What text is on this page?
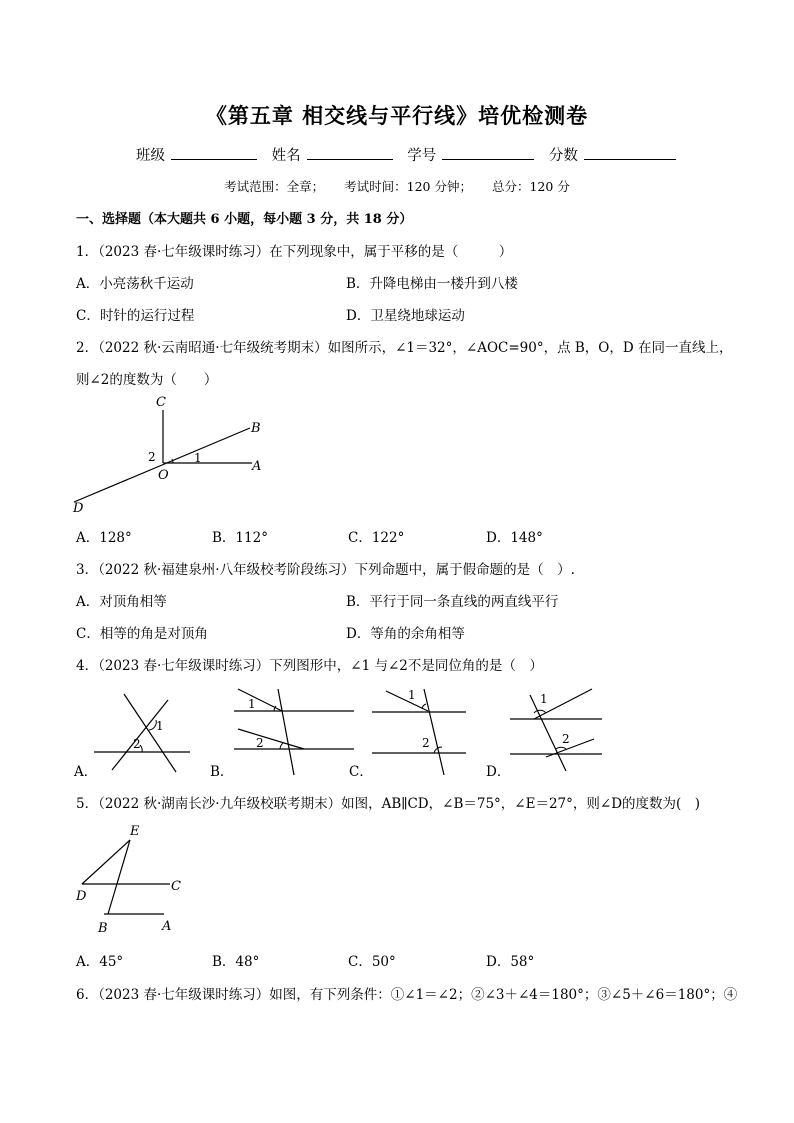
《第五章 相交线与平行线》培优检测卷
班级	姓名	学号	分数
考试范围：全章； 考试时间：120 分钟； 总分：120 分
一、选择题（本大题共 6 小题，每小题 3 分，共 18 分）
1．（2023 春·七年级课时练习）在下列现象中，属于平移的是（　　　）
A．小亮荡秋千运动	B．升降电梯由一楼升到八楼
C．时针的运行过程	D．卫星绕地球运动
2．（2022 秋·云南昭通·七年级统考期末）如图所示，∠1＝32°，∠AOC=90°，点 B，O，D 在同一直线上，
则∠2的度数为（　　）
C
B
A
O
D
1
2
A．128°	B．112°	C．122°	D．148°
3．（2022 秋·福建泉州·八年级校考阶段练习）下列命题中，属于假命题的是（　）.
A．对顶角相等	B．平行于同一条直线的两直线平行
C．相等的角是对顶角	D．等角的余角相等
4．（2023 春·七年级课时练习）下列图形中，∠1 与∠2不是同位角的是（　）
1
2
A．
1
2
B．
1
2
C．
1
2
D．
5．（2022 秋·湖南长沙·九年级校联考期末）如图，AB∥CD，∠B＝75°，∠E＝27°，则∠D的度数为(　)
E
C
D
B	A
A．45°	B．48°	C．50°	D．58°
6．（2023 春·七年级课时练习）如图，有下列条件：①∠1＝∠2；②∠3＋∠4＝180°；③∠5＋∠6＝180°；④
